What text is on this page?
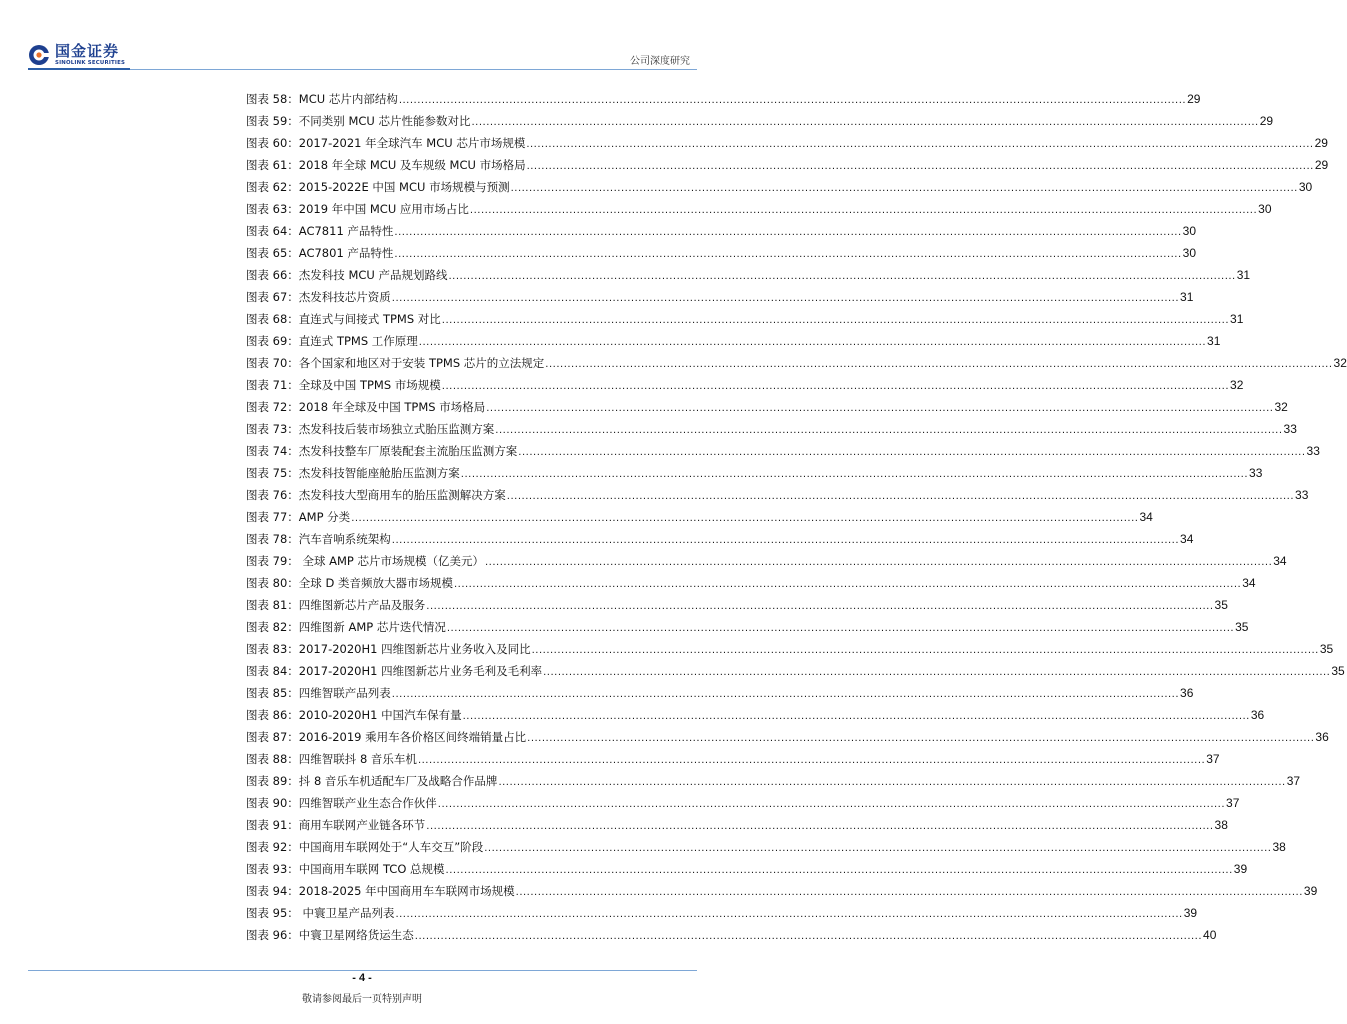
国金证券
SINOLINK SECURITIES	公司深度研究
图表 58： MCU 芯片内部结构 .....	29
图表 59： 不同类别 MCU 芯片性能参数对比 .....	29
图表 60： 2017-2021 年全球汽车 MCU 芯片市场规模 .....	29
图表 61： 2018 年全球 MCU 及车规级 MCU 市场格局 .....	29
图表 62： 2015-2022E 中国 MCU 市场规模与预测 .....	30
图表 63： 2019 年中国 MCU 应用市场占比 .....	30
图表 64： AC7811 产品特性 .....	30
图表 65： AC7801 产品特性 .....	30
图表 66： 杰发科技 MCU 产品规划路线 .....	31
图表 67： 杰发科技芯片资质 .....	31
图表 68： 直连式与间接式 TPMS 对比 .....	31
图表 69： 直连式 TPMS 工作原理 .....	31
图表 70： 各个国家和地区对于安装 TPMS 芯片的立法规定 .....	32
图表 71： 全球及中国 TPMS 市场规模 .....	32
图表 72： 2018 年全球及中国 TPMS 市场格局 .....	32
图表 73： 杰发科技后装市场独立式胎压监测方案 .....	33
图表 74： 杰发科技整车厂原装配套主流胎压监测方案 .....	33
图表 75： 杰发科技智能座舱胎压监测方案 .....	33
图表 76： 杰发科技大型商用车的胎压监测解决方案 .....	33
图表 77： AMP 分类 .....	34
图表 78： 汽车音响系统架构 .....	34
图表 79： 全球 AMP 芯片市场规模（亿美元） .....	34
图表 80： 全球 D 类音频放大器市场规模 .....	34
图表 81： 四维图新芯片产品及服务 .....	35
图表 82： 四维图新 AMP 芯片迭代情况 .....	35
图表 83： 2017-2020H1 四维图新芯片业务收入及同比 .....	35
图表 84： 2017-2020H1 四维图新芯片业务毛利及毛利率 .....	35
图表 85： 四维智联产品列表 .....	36
图表 86： 2010-2020H1 中国汽车保有量 .....	36
图表 87： 2016-2019 乘用车各价格区间终端销量占比 .....	36
图表 88： 四维智联抖 8 音乐车机 .....	37
图表 89： 抖 8 音乐车机适配车厂及战略合作品牌 .....	37
图表 90： 四维智联产业生态合作伙伴 .....	37
图表 91： 商用车联网产业链各环节 .....	38
图表 92： 中国商用车联网处于“人车交互”阶段 .....	38
图表 93： 中国商用车联网 TCO 总规模 .....	39
图表 94： 2018-2025 年中国商用车车联网市场规模 .....	39
图表 95： 中寰卫星产品列表 .....	39
图表 96： 中寰卫星网络货运生态 .....	40
- 4 -
敬请参阅最后一页特别声明
